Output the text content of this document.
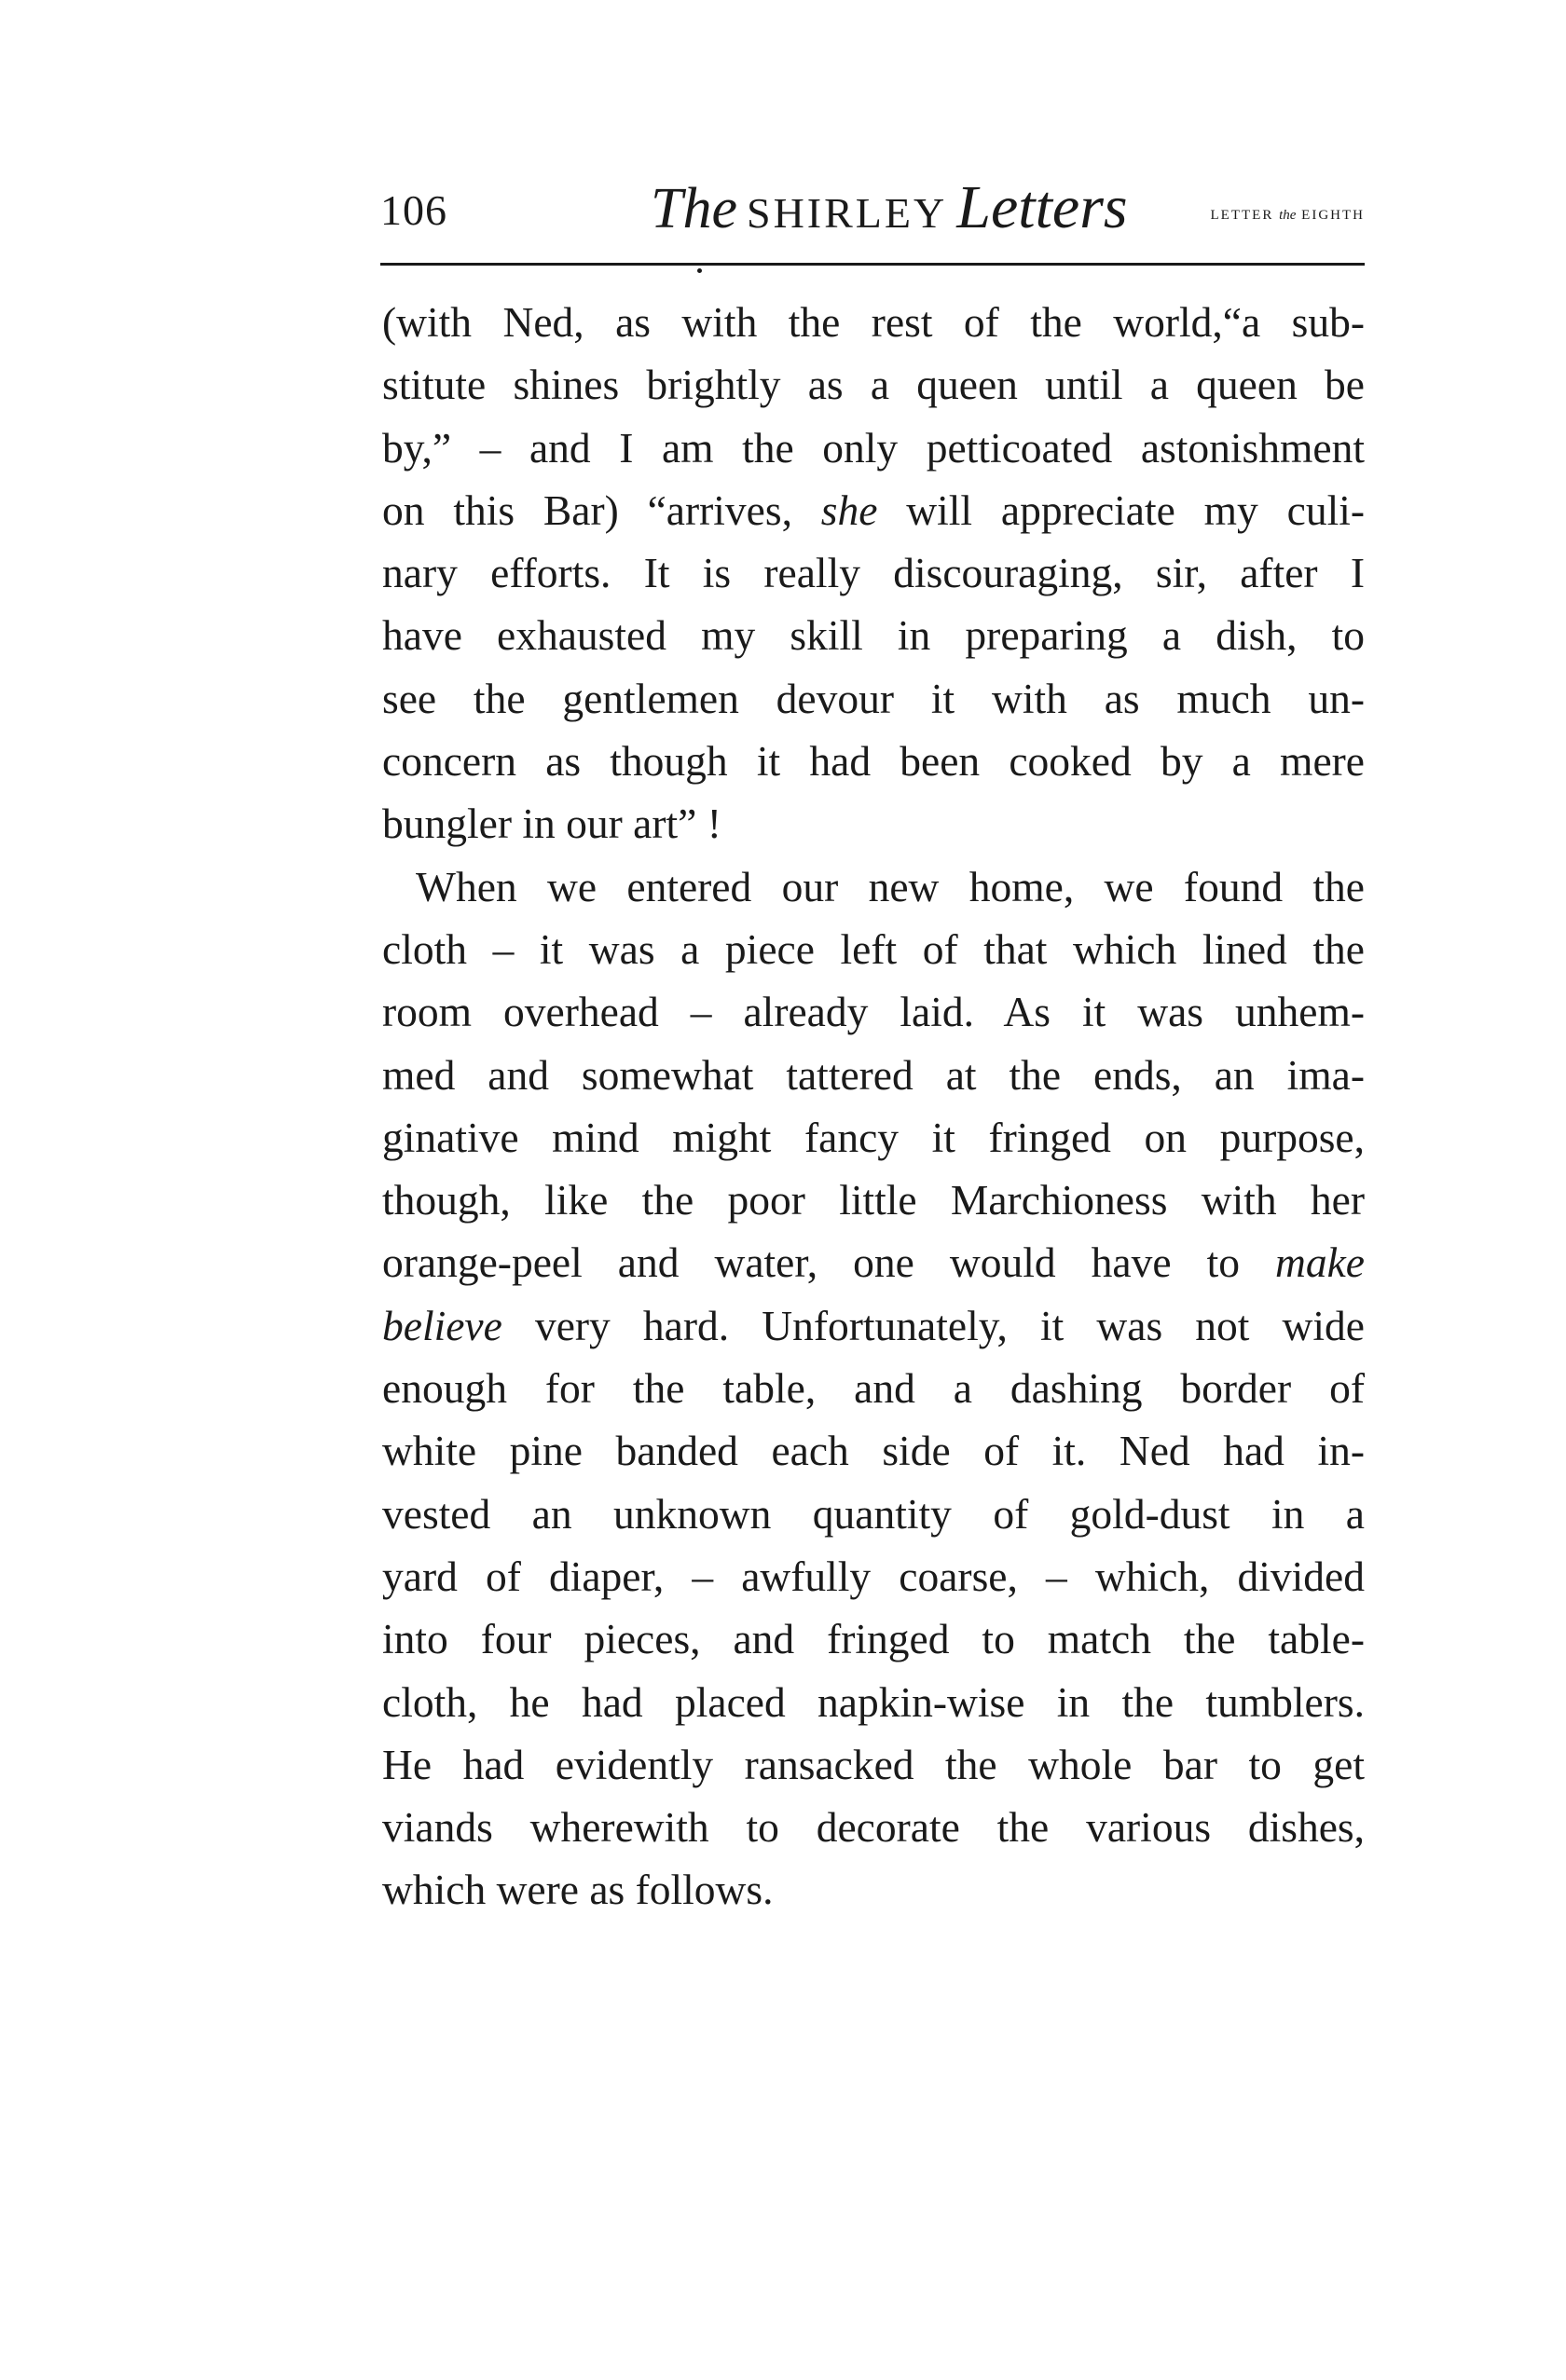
106	The SHIRLEY Letters	LETTER the EIGHTH
(with Ned, as with the rest of the world,“a sub-
stitute shines brightly as a queen until a queen be
by,” – and I am the only petticoated astonishment
on this Bar) “arrives, she will appreciate my culi-
nary efforts. It is really discouraging, sir, after I
have exhausted my skill in preparing a dish, to
see the gentlemen devour it with as much un-
concern as though it had been cooked by a mere
bungler in our art” !
When we entered our new home, we found the
cloth – it was a piece left of that which lined the
room overhead – already laid. As it was unhem-
med and somewhat tattered at the ends, an ima-
ginative mind might fancy it fringed on purpose,
though, like the poor little Marchioness with her
orange-peel and water, one would have to make
believe very hard. Unfortunately, it was not wide
enough for the table, and a dashing border of
white pine banded each side of it. Ned had in-
vested an unknown quantity of gold-dust in a
yard of diaper, – awfully coarse, – which, divided
into four pieces, and fringed to match the table-
cloth, he had placed napkin-wise in the tumblers.
He had evidently ransacked the whole bar to get
viands wherewith to decorate the various dishes,
which were as follows.
